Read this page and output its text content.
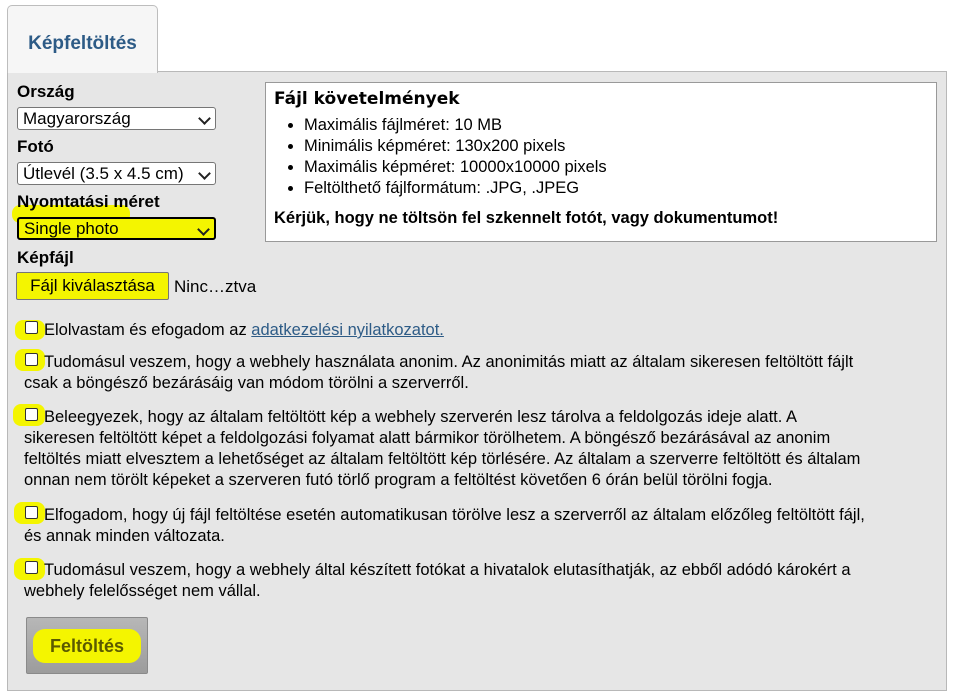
Képfeltöltés
Ország
Magyarország
Fotó
Útlevél (3.5 x 4.5 cm)
Nyomtatási méret
Single photo
Képfájl
Fájl kiválasztása	Ninc…ztva
Fájl követelmények
• Maximális fájlméret: 10 MB
• Minimális képméret: 130x200 pixels
• Maximális képméret: 10000x10000 pixels
• Feltölthető fájlformátum: .JPG, .JPEG

Kérjük, hogy ne töltsön fel szkennelt fotót, vagy dokumentumot!

Elolvastam és efogadom az adatkezelési nyilatkozatot.
Tudomásul veszem, hogy a webhely használata anonim. Az anonimitás miatt az általam sikeresen feltöltött fájlt
csak a böngésző bezárásáig van módom törölni a szerverről.
Beleegyezek, hogy az általam feltöltött kép a webhely szerverén lesz tárolva a feldolgozás ideje alatt. A
sikeresen feltöltött képet a feldolgozási folyamat alatt bármikor törölhetem. A böngésző bezárásával az anonim
feltöltés miatt elvesztem a lehetőséget az általam feltöltött kép törlésére. Az általam a szerverre feltöltött és általam
onnan nem törölt képeket a szerveren futó törlő program a feltöltést követően 6 órán belül törölni fogja.
Elfogadom, hogy új fájl feltöltése esetén automatikusan törölve lesz a szerverről az általam előzőleg feltöltött fájl,
és annak minden változata.
Tudomásul veszem, hogy a webhely által készített fotókat a hivatalok elutasíthatják, az ebből adódó károkért a
webhely felelősséget nem vállal.
Feltöltés
